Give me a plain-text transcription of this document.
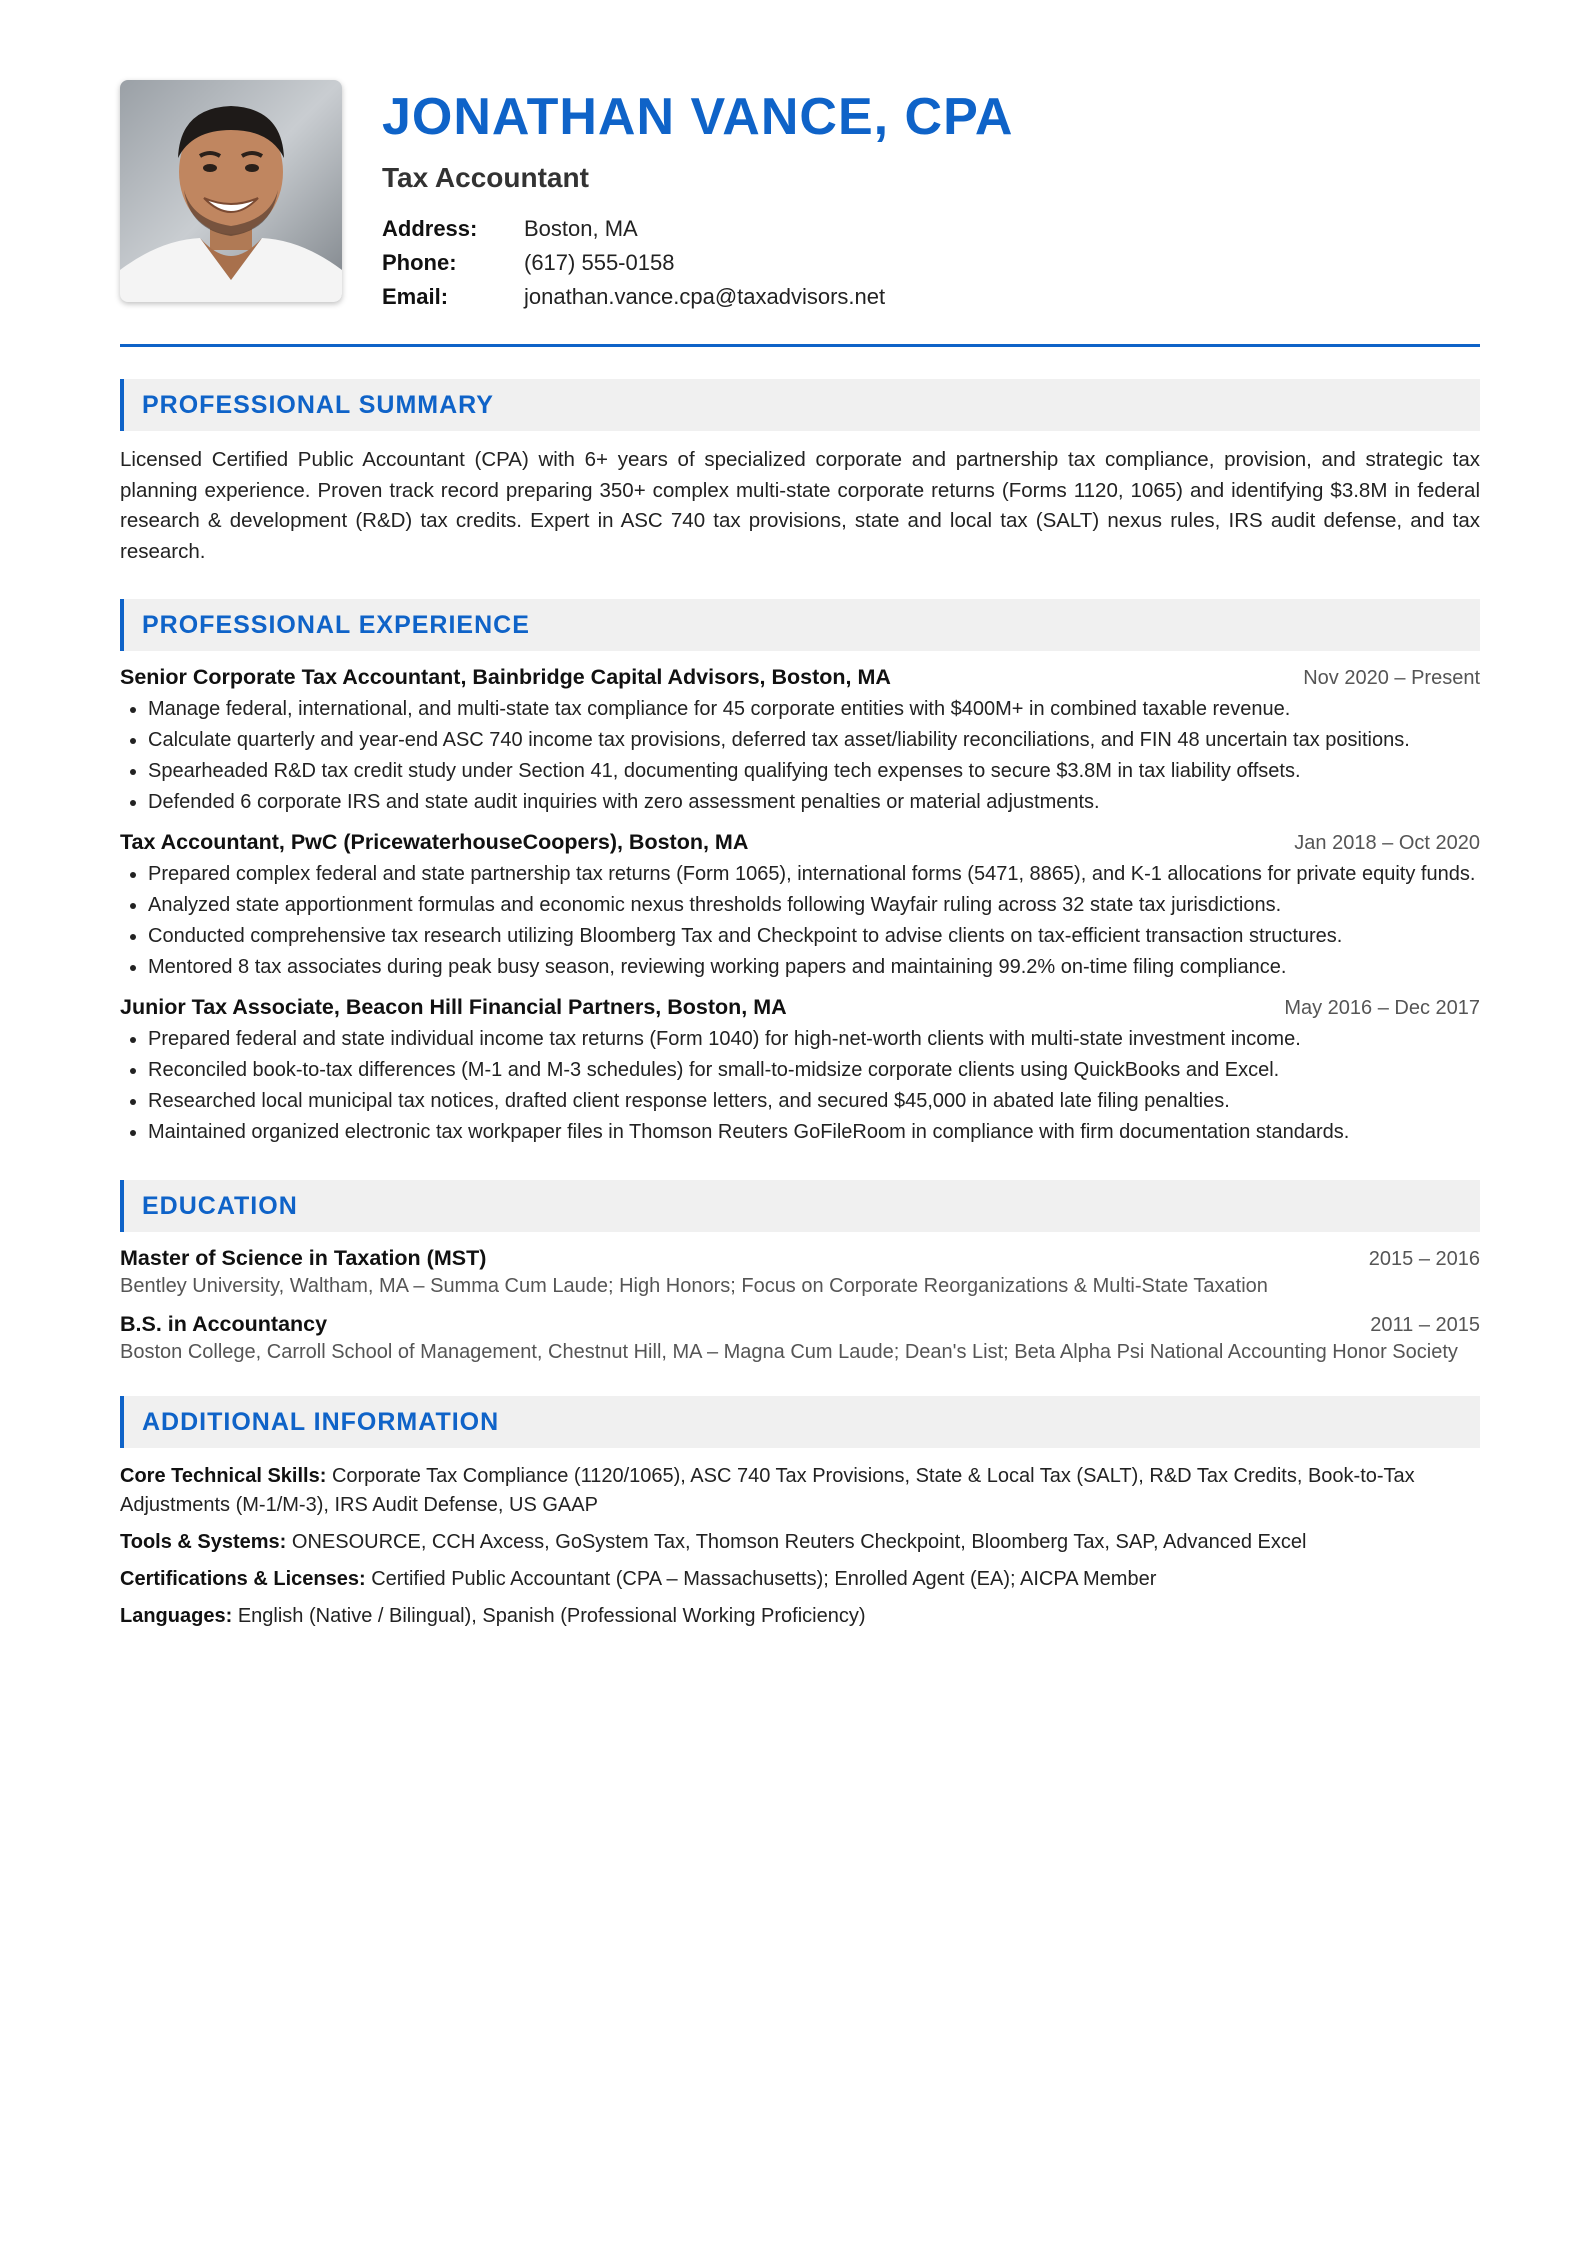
JONATHAN VANCE, CPA
Tax Accountant
Address:	Boston, MA
Phone:	(617) 555-0158
Email:	jonathan.vance.cpa@taxadvisors.net
PROFESSIONAL SUMMARY
Licensed Certified Public Accountant (CPA) with 6+ years of specialized corporate and partnership tax compliance, provision, and strategic tax planning experience. Proven track record preparing 350+ complex multi-state corporate returns (Forms 1120, 1065) and identifying $3.8M in federal research & development (R&D) tax credits. Expert in ASC 740 tax provisions, state and local tax (SALT) nexus rules, IRS audit defense, and tax research.
PROFESSIONAL EXPERIENCE
Senior Corporate Tax Accountant, Bainbridge Capital Advisors, Boston, MA	Nov 2020 – Present
• Manage federal, international, and multi-state tax compliance for 45 corporate entities with $400M+ in combined taxable revenue.
• Calculate quarterly and year-end ASC 740 income tax provisions, deferred tax asset/liability reconciliations, and FIN 48 uncertain tax positions.
• Spearheaded R&D tax credit study under Section 41, documenting qualifying tech expenses to secure $3.8M in tax liability offsets.
• Defended 6 corporate IRS and state audit inquiries with zero assessment penalties or material adjustments.
Tax Accountant, PwC (PricewaterhouseCoopers), Boston, MA	Jan 2018 – Oct 2020
• Prepared complex federal and state partnership tax returns (Form 1065), international forms (5471, 8865), and K-1 allocations for private equity funds.
• Analyzed state apportionment formulas and economic nexus thresholds following Wayfair ruling across 32 state tax jurisdictions.
• Conducted comprehensive tax research utilizing Bloomberg Tax and Checkpoint to advise clients on tax-efficient transaction structures.
• Mentored 8 tax associates during peak busy season, reviewing working papers and maintaining 99.2% on-time filing compliance.
Junior Tax Associate, Beacon Hill Financial Partners, Boston, MA	May 2016 – Dec 2017
• Prepared federal and state individual income tax returns (Form 1040) for high-net-worth clients with multi-state investment income.
• Reconciled book-to-tax differences (M-1 and M-3 schedules) for small-to-midsize corporate clients using QuickBooks and Excel.
• Researched local municipal tax notices, drafted client response letters, and secured $45,000 in abated late filing penalties.
• Maintained organized electronic tax workpaper files in Thomson Reuters GoFileRoom in compliance with firm documentation standards.
EDUCATION
Master of Science in Taxation (MST)	2015 – 2016
Bentley University, Waltham, MA – Summa Cum Laude; High Honors; Focus on Corporate Reorganizations & Multi-State Taxation
B.S. in Accountancy	2011 – 2015
Boston College, Carroll School of Management, Chestnut Hill, MA – Magna Cum Laude; Dean's List; Beta Alpha Psi National Accounting Honor Society
ADDITIONAL INFORMATION
Core Technical Skills: Corporate Tax Compliance (1120/1065), ASC 740 Tax Provisions, State & Local Tax (SALT), R&D Tax Credits, Book-to-Tax Adjustments (M-1/M-3), IRS Audit Defense, US GAAP
Tools & Systems: ONESOURCE, CCH Axcess, GoSystem Tax, Thomson Reuters Checkpoint, Bloomberg Tax, SAP, Advanced Excel
Certifications & Licenses: Certified Public Accountant (CPA – Massachusetts); Enrolled Agent (EA); AICPA Member
Languages: English (Native / Bilingual), Spanish (Professional Working Proficiency)
